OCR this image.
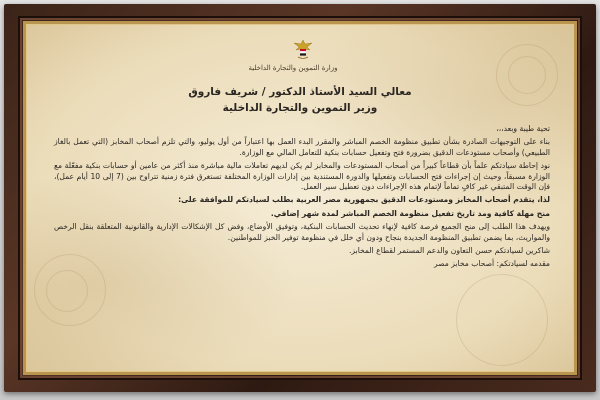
وزارة التموين والتجارة الداخلية
معالي السيد الأستاذ الدكتور / شريف فاروق
وزير التموين والتجارة الداخلية

تحية طيبة وبعد،،،

بناء على التوجيهات الصادرة بشأن تطبيق منظومة الخصم المباشر والمقرر البدء العمل بها اعتباراً من أول يوليو، والتي تلزم أصحاب المخابز (التي تعمل بالغاز الطبيعي) وأصحاب مستودعات الدقيق بضرورة فتح وتفعيل حسابات بنكية للتعامل المالي مع الوزارة.

نود إحاطة سيادتكم علماً بأن قطاعاً كبيراً من أصحاب المستودعات والمخابز لم يكن لديهم تعاملات مالية مباشرة منذ أكثر من عامين أو حسابات بنكية مفعّلة مع الوزارة مسبقاً، وحيث إن إجراءات فتح الحسابات وتفعيلها والدورة المستندية بين إدارات الوزارة المختلفة تستغرق فترة زمنية تتراوح بين (7 إلى 10 أيام عمل)، فإن الوقت المتبقي غير كافٍ تماماً لإتمام هذه الإجراءات دون تعطيل سير العمل.

لذا، يتقدم أصحاب المخابز ومستودعات الدقيق بجمهورية مصر العربية بطلب لسيادتكم للموافقة على:

منح مهلة كافية ومد تاريخ تفعيل منظومة الخصم المباشر لمدة شهر إضافي.

ويهدف هذا الطلب إلى منح الجميع فرصة كافية لإنهاء تحديث الحسابات البنكية، وتوفيق الأوضاع، وفض كل الإشكالات الإدارية والقانونية المتعلقة بنقل الرخص والمواريث، بما يضمن تطبيق المنظومة الجديدة بنجاح ودون أي خلل في منظومة توفير الخبز للمواطنين.

شاكرين لسيادتكم حسن التعاون والدعم المستمر لقطاع المخابز.

مقدمه لسيادتكم: أصحاب مخابز مصر
